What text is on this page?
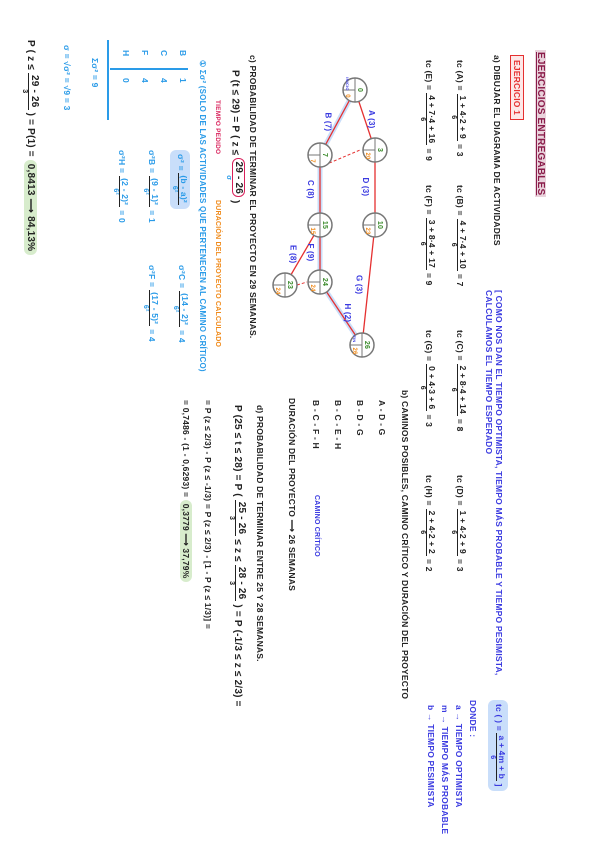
EJERCICIOS ENTREGABLES
EJERCICIO 1
a) DIBUJAR EL DIAGRAMA DE ACTIVIDADES
[ COMO NOS DAN EL TIEMPO OPTIMISTA, TIEMPO MÁS PROBABLE Y TIEMPO PESIMISTA, CALCULAMOS EL TIEMPO ESPERADO
tc ( ) =
a + 4m + b
6
]
DONDE :
a → TIEMPO OPTIMISTA
m → TIEMPO MÁS PROBABLE
b → TIEMPO PESIMISTA
tc (A) =
1 + 4·2 + 9
6
= 3
tc (B) =
4 + 7·4 + 10
6
= 7
tc (C) =
2 + 8·4 + 14
6
= 8
tc (D) =
1 + 4·2 + 9
6
= 3
tc (E) =
4 + 7·4 + 16
6
= 9
tc (F) =
3 + 8·4 + 17
6
= 9
tc (G) =
0 + 4·3 + 6
6
= 3
tc (H) =
2 + 4·2 + 2
6
= 2
A (3)
B (7)
D (3)
C (8)
G (3)
E (8) F (9)
H (2)
0
0
INICIO
3
20
7
7
10
23
15
15
23
24
24
24
26
26
FIN
b) CAMINOS POSIBLES, CAMINO CRÍTICO Y DURACIÓN DEL PROYECTO
A - D - G
B - D - G
B - C - E - H
B - C - F - H
CAMINO CRÍTICO
DURACIÓN DEL PROYECTO ⟶ 26 SEMANAS
c) PROBABILIDAD DE TERMINAR EL PROYECTO EN 29 SEMANAS.
P (t ≤ 29) = P ( z ≤
29 - 26
σ
)
TIEMPO PEDIDO
DURACIÓN DEL PROYECTO CALCULADO
① Σσ² (SOLO DE LAS ACTIVIDADES QUE PERTENECEN AL CAMINO CRÍTICO)
σ² =
(b - a)²
6²
σ²B =
(9 - 1)²
6²
= 1
σ²C =
(14 - 2)²
6²
= 4
σ²F =
(17 - 5)²
6²
= 4
σ²H =
(2 - 2)²
6²
= 0
B
1
C
4
F
4
H
0
Σσ² = 9
σ = √σ² = √9 = 3
P ( z ≤
29 - 26
3
) = P(1) = 0,8413 ⟶ 84,13%
d) PROBABILIDAD DE TERMINAR ENTRE 25 Y 28 SEMANAS.
P (25 ≤ t ≤ 28) = P (
25 - 26
3
≤ z ≤
28 - 26
3
) = P (-1/3 ≤ z ≤ 2/3) =
= P (z ≤ 2/3) - P (z ≤ -1/3) = P (z ≤ 2/3) - [1 - P (z ≤ 1/3)] =
= 0,7486 - (1 - 0,6293) = 0,3779 ⟶ 37,79%
